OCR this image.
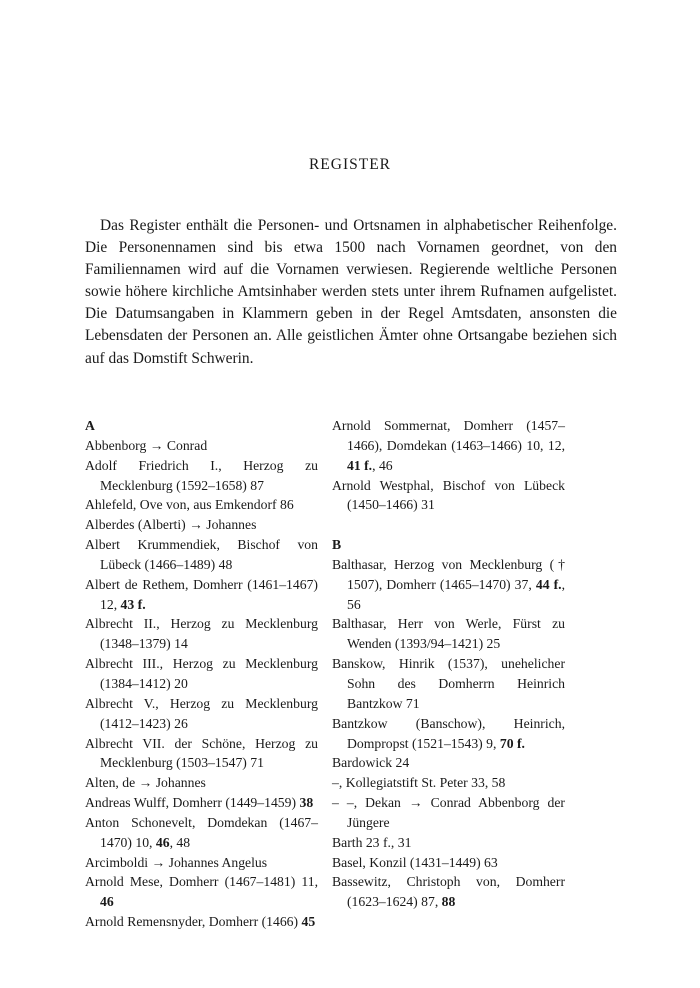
REGISTER

Das Register enthält die Personen- und Ortsnamen in alphabetischer Reihenfolge. Die Personennamen sind bis etwa 1500 nach Vornamen geordnet, von den Familiennamen wird auf die Vornamen verwiesen. Regierende weltliche Personen sowie höhere kirchliche Amtsinhaber werden stets unter ihrem Rufnamen aufgelistet. Die Datumsangaben in Klammern geben in der Regel Amtsdaten, ansonsten die Lebensdaten der Personen an. Alle geistlichen Ämter ohne Ortsangabe beziehen sich auf das Domstift Schwerin.

A

Abbenborg → Conrad

Adolf Friedrich I., Herzog zu Mecklenburg (1592–1658) 87

Ahlefeld, Ove von, aus Emkendorf 86

Alberdes (Alberti) → Johannes

Albert Krummendiek, Bischof von Lübeck (1466–1489) 48

Albert de Rethem, Domherr (1461–1467) 12, 43 f.

Albrecht II., Herzog zu Mecklenburg (1348–1379) 14

Albrecht III., Herzog zu Mecklenburg (1384–1412) 20

Albrecht V., Herzog zu Mecklenburg (1412–1423) 26

Albrecht VII. der Schöne, Herzog zu Mecklenburg (1503–1547) 71

Alten, de → Johannes

Andreas Wulff, Domherr (1449–1459) 38

Anton Schonevelt, Domdekan (1467–1470) 10, 46, 48

Arcimboldi → Johannes Angelus

Arnold Mese, Domherr (1467–1481) 11, 46

Arnold Remensnyder, Domherr (1466) 45

Arnold Sommernat, Domherr (1457–1466), Domdekan (1463–1466) 10, 12, 41 f., 46

Arnold Westphal, Bischof von Lübeck (1450–1466) 31

B

Balthasar, Herzog von Mecklenburg († 1507), Domherr (1465–1470) 37, 44 f., 56

Balthasar, Herr von Werle, Fürst zu Wenden (1393/94–1421) 25

Banskow, Hinrik (1537), unehelicher Sohn des Domherrn Heinrich Bantzkow 71

Bantzkow (Banschow), Heinrich, Dompropst (1521–1543) 9, 70 f.

Bardowick 24

–, Kollegiatstift St. Peter 33, 58

– –, Dekan → Conrad Abbenborg der Jüngere

Barth 23 f., 31

Basel, Konzil (1431–1449) 63

Bassewitz, Christoph von, Domherr (1623–1624) 87, 88
